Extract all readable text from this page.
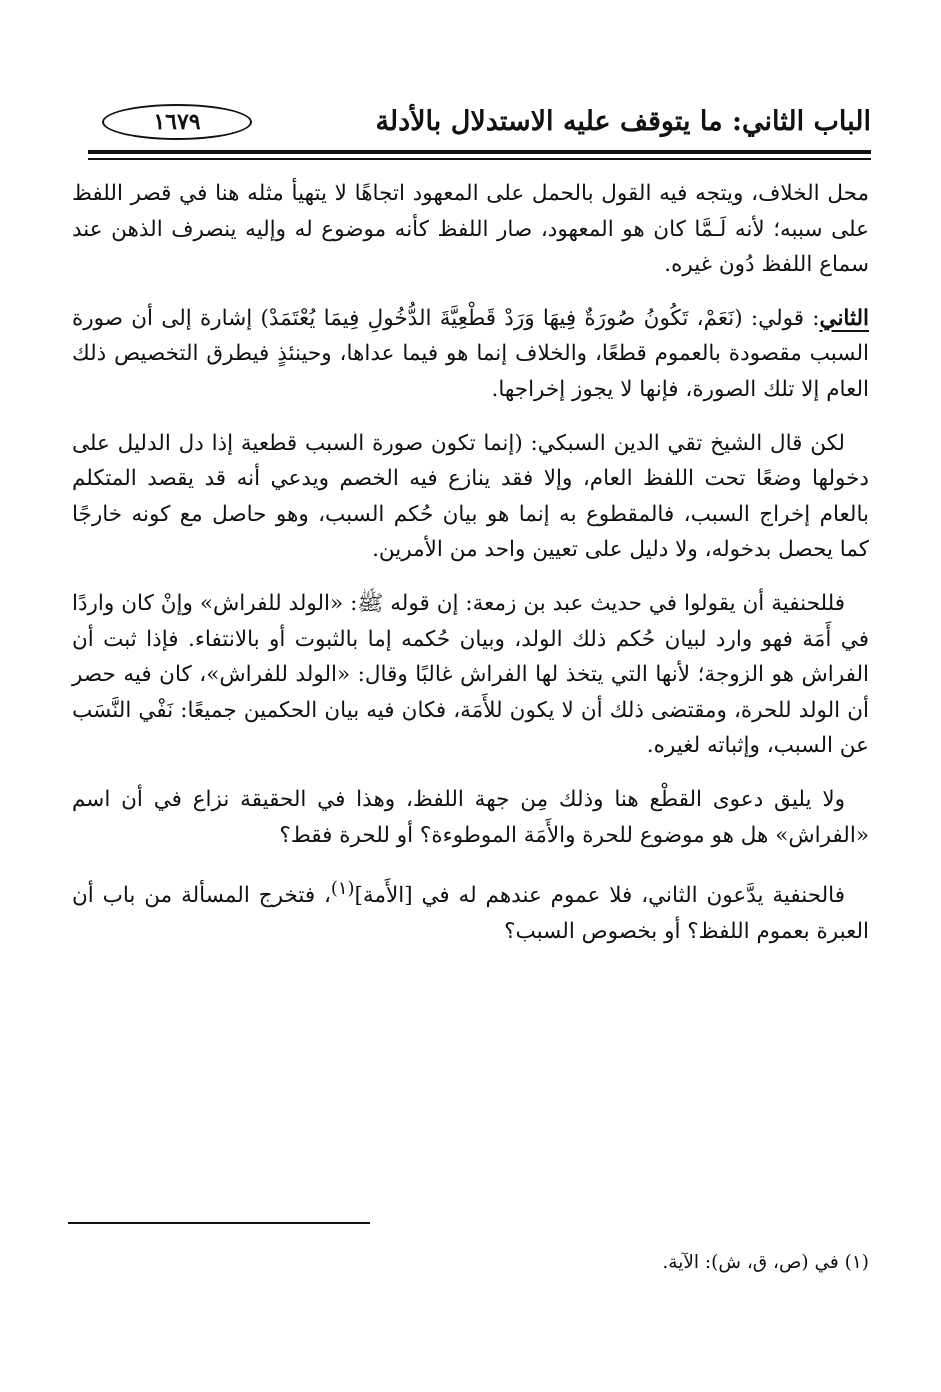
الباب الثاني: ما يتوقف عليه الاستدلال بالأدلة
١٦٧٩

محل الخلاف، ويتجه فيه القول بالحمل على المعهود اتجاهًا لا يتهيأ مثله هنا في قصر اللفظ على سببه؛ لأنه لَـمَّا كان هو المعهود، صار اللفظ كأنه موضوع له وإليه ينصرف الذهن عند سماع اللفظ دُون غيره.

الثاني: قولي: (نَعَمْ، تَكُونُ صُورَةٌ فِيهَا وَرَدْ قَطْعِيَّةَ الدُّخُولِ فِيمَا يُعْتَمَدْ) إشارة إلى أن صورة السبب مقصودة بالعموم قطعًا، والخلاف إنما هو فيما عداها، وحينئذٍ فيطرق التخصيص ذلك العام إلا تلك الصورة، فإنها لا يجوز إخراجها.

لكن قال الشيخ تقي الدين السبكي: (إنما تكون صورة السبب قطعية إذا دل الدليل على دخولها وضعًا تحت اللفظ العام، وإلا فقد ينازع فيه الخصم ويدعي أنه قد يقصد المتكلم بالعام إخراج السبب، فالمقطوع به إنما هو بيان حُكم السبب، وهو حاصل مع كونه خارجًا كما يحصل بدخوله، ولا دليل على تعيين واحد من الأمرين.

فللحنفية أن يقولوا في حديث عبد بن زمعة: إن قوله ﷺ: «الولد للفراش» وإنْ كان واردًا في أَمَة فهو وارد لبيان حُكم ذلك الولد، وبيان حُكمه إما بالثبوت أو بالانتفاء. فإذا ثبت أن الفراش هو الزوجة؛ لأنها التي يتخذ لها الفراش غالبًا وقال: «الولد للفراش»، كان فيه حصر أن الولد للحرة، ومقتضى ذلك أن لا يكون للأَمَة، فكان فيه بيان الحكمين جميعًا: نَفْي النَّسَب عن السبب، وإثباته لغيره.

ولا يليق دعوى القطْع هنا وذلك مِن جهة اللفظ، وهذا في الحقيقة نزاع في أن اسم «الفراش» هل هو موضوع للحرة والأَمَة الموطوءة؟ أو للحرة فقط؟

فالحنفية يدَّعون الثاني، فلا عموم عندهم له في [الأَمة]$^{(١)}$، فتخرج المسألة من باب أن العبرة بعموم اللفظ؟ أو بخصوص السبب؟

(١) في (ص، ق، ش): الآية.
